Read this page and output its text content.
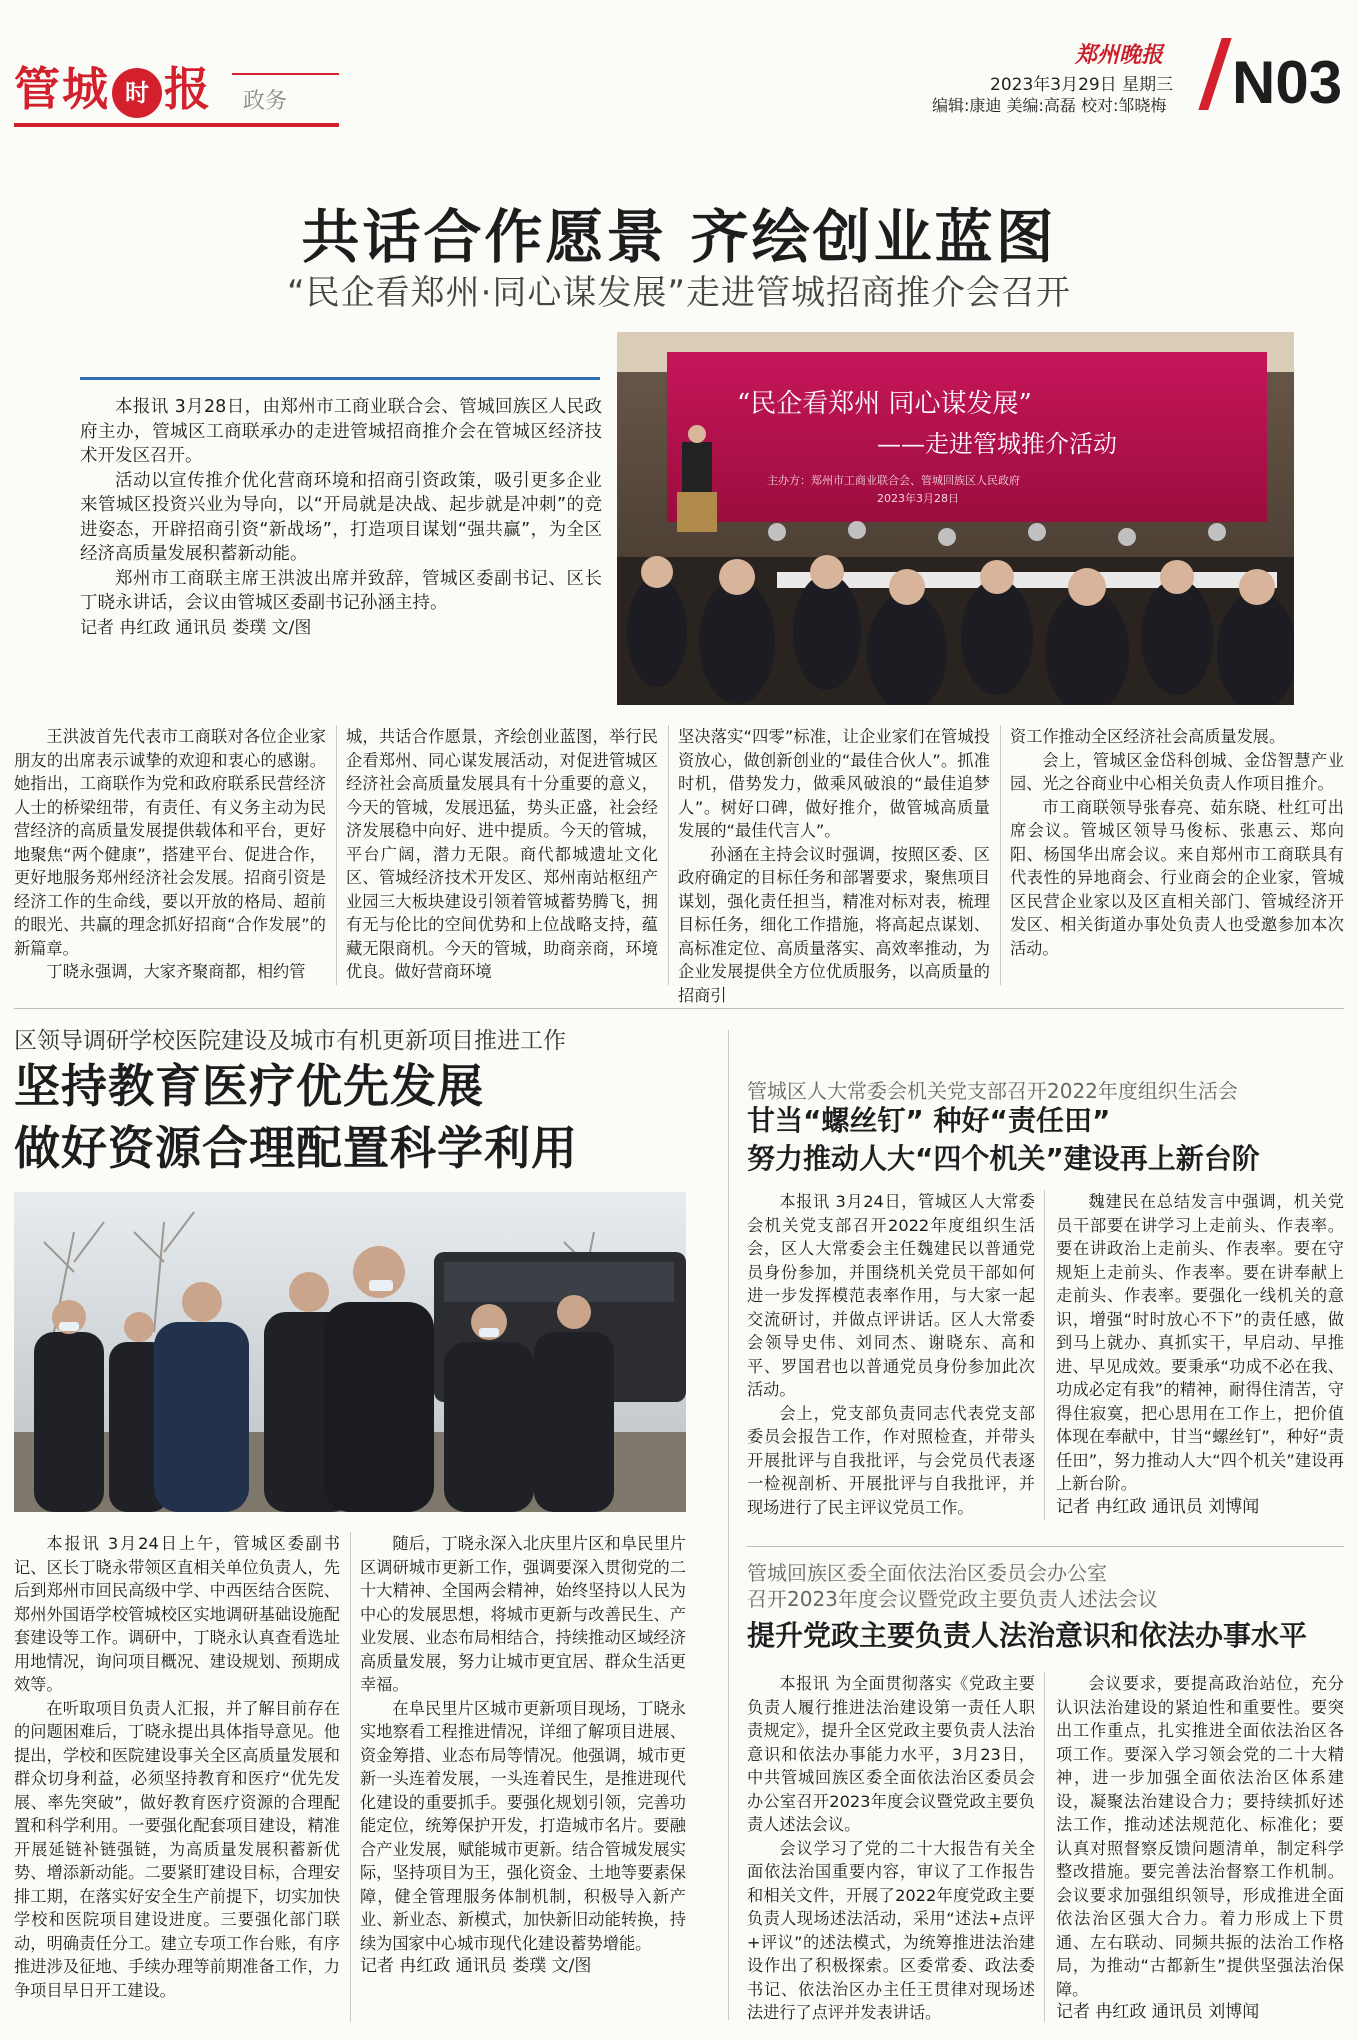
管城 时 报 政务
郑州晚报
2023年3月29日 星期三
编辑:康迪 美编:高磊 校对:邹晓梅 N03
共话合作愿景 齐绘创业蓝图
“民企看郑州·同心谋发展”走进管城招商推介会召开

本报讯 3月28日，由郑州市工商业联合会、管城回族区人民政府主办，管城区工商联承办的走进管城招商推介会在管城区经济技术开发区召开。

活动以宣传推介优化营商环境和招商引资政策，吸引更多企业来管城区投资兴业为导向，以“开局就是决战、起步就是冲刺”的竞进姿态，开辟招商引资“新战场”，打造项目谋划“强共赢”，为全区经济高质量发展积蓄新动能。

郑州市工商联主席王洪波出席并致辞，管城区委副书记、区长丁晓永讲话，会议由管城区委副书记孙涵主持。

记者 冉红政 通讯员 娄璞 文/图

“民企看郑州 同心谋发展”
——走进管城推介活动
主办方：郑州市工商业联合会、管城回族区人民政府
2023年3月28日

王洪波首先代表市工商联对各位企业家朋友的出席表示诚挚的欢迎和衷心的感谢。她指出，工商联作为党和政府联系民营经济人士的桥梁纽带，有责任、有义务主动为民营经济的高质量发展提供载体和平台，更好地聚焦“两个健康”，搭建平台、促进合作，更好地服务郑州经济社会发展。招商引资是经济工作的生命线，要以开放的格局、超前的眼光、共赢的理念抓好招商“合作发展”的新篇章。

丁晓永强调，大家齐聚商都，相约管

城，共话合作愿景，齐绘创业蓝图，举行民企看郑州、同心谋发展活动，对促进管城区经济社会高质量发展具有十分重要的意义，今天的管城，发展迅猛，势头正盛，社会经济发展稳中向好、进中提质。今天的管城，平台广阔，潜力无限。商代都城遗址文化区、管城经济技术开发区、郑州南站枢纽产业园三大板块建设引领着管城蓄势腾飞，拥有无与伦比的空间优势和上位战略支持，蕴藏无限商机。今天的管城，助商亲商，环境优良。做好营商环境

坚决落实“四零”标准，让企业家们在管城投资放心，做创新创业的“最佳合伙人”。抓准时机，借势发力，做乘风破浪的“最佳追梦人”。树好口碑，做好推介，做管城高质量发展的“最佳代言人”。

孙涵在主持会议时强调，按照区委、区政府确定的目标任务和部署要求，聚焦项目谋划，强化责任担当，精准对标对表，梳理目标任务，细化工作措施，将高起点谋划、高标准定位、高质量落实、高效率推动，为企业发展提供全方位优质服务，以高质量的招商引

资工作推动全区经济社会高质量发展。

会上，管城区金岱科创城、金岱智慧产业园、光之谷商业中心相关负责人作项目推介。

市工商联领导张春亮、茹东晓、杜红可出席会议。管城区领导马俊标、张惠云、郑向阳、杨国华出席会议。来自郑州市工商联具有代表性的异地商会、行业商会的企业家，管城区民营企业家以及区直相关部门、管城经济开发区、相关街道办事处负责人也受邀参加本次活动。

区领导调研学校医院建设及城市有机更新项目推进工作
坚持教育医疗优先发展
做好资源合理配置科学利用

本报讯 3月24日上午，管城区委副书记、区长丁晓永带领区直相关单位负责人，先后到郑州市回民高级中学、中西医结合医院、郑州外国语学校管城校区实地调研基础设施配套建设等工作。调研中，丁晓永认真查看选址用地情况，询问项目概况、建设规划、预期成效等。

在听取项目负责人汇报，并了解目前存在的问题困难后，丁晓永提出具体指导意见。他提出，学校和医院建设事关全区高质量发展和群众切身利益，必须坚持教育和医疗“优先发展、率先突破”，做好教育医疗资源的合理配置和科学利用。一要强化配套项目建设，精准开展延链补链强链，为高质量发展积蓄新优势、增添新动能。二要紧盯建设目标，合理安排工期，在落实好安全生产前提下，切实加快学校和医院项目建设进度。三要强化部门联动，明确责任分工。建立专项工作台账，有序推进涉及征地、手续办理等前期准备工作，力争项目早日开工建设。

随后，丁晓永深入北庆里片区和阜民里片区调研城市更新工作，强调要深入贯彻党的二十大精神、全国两会精神，始终坚持以人民为中心的发展思想，将城市更新与改善民生、产业发展、业态布局相结合，持续推动区域经济高质量发展，努力让城市更宜居、群众生活更幸福。

在阜民里片区城市更新项目现场，丁晓永实地察看工程推进情况，详细了解项目进展、资金筹措、业态布局等情况。他强调，城市更新一头连着发展，一头连着民生，是推进现代化建设的重要抓手。要强化规划引领，完善功能定位，统筹保护开发，打造城市名片。要融合产业发展，赋能城市更新。结合管城发展实际，坚持项目为王，强化资金、土地等要素保障，健全管理服务体制机制，积极导入新产业、新业态、新模式，加快新旧动能转换，持续为国家中心城市现代化建设蓄势增能。

记者 冉红政 通讯员 娄璞 文/图

管城区人大常委会机关党支部召开2022年度组织生活会
甘当“螺丝钉” 种好“责任田”
努力推动人大“四个机关”建设再上新台阶

本报讯 3月24日，管城区人大常委会机关党支部召开2022年度组织生活会，区人大常委会主任魏建民以普通党员身份参加，并围绕机关党员干部如何进一步发挥模范表率作用，与大家一起交流研讨，并做点评讲话。区人大常委会领导史伟、刘同杰、谢晓东、高和平、罗国君也以普通党员身份参加此次活动。

会上，党支部负责同志代表党支部委员会报告工作，作对照检查，并带头开展批评与自我批评，与会党员代表逐一检视剖析、开展批评与自我批评，并现场进行了民主评议党员工作。

魏建民在总结发言中强调，机关党员干部要在讲学习上走前头、作表率。要在讲政治上走前头、作表率。要在守规矩上走前头、作表率。要在讲奉献上走前头、作表率。要强化一线机关的意识，增强“时时放心不下”的责任感，做到马上就办、真抓实干，早启动、早推进、早见成效。要秉承“功成不必在我、功成必定有我”的精神，耐得住清苦，守得住寂寞，把心思用在工作上，把价值体现在奉献中，甘当“螺丝钉”，种好“责任田”，努力推动人大“四个机关”建设再上新台阶。

记者 冉红政 通讯员 刘博闻

管城回族区委全面依法治区委员会办公室
召开2023年度会议暨党政主要负责人述法会议
提升党政主要负责人法治意识和依法办事水平

本报讯 为全面贯彻落实《党政主要负责人履行推进法治建设第一责任人职责规定》，提升全区党政主要负责人法治意识和依法办事能力水平，3月23日，中共管城回族区委全面依法治区委员会办公室召开2023年度会议暨党政主要负责人述法会议。

会议学习了党的二十大报告有关全面依法治国重要内容，审议了工作报告和相关文件，开展了2022年度党政主要负责人现场述法活动，采用“述法+点评+评议”的述法模式，为统筹推进法治建设作出了积极探索。区委常委、政法委书记、依法治区办主任王贯律对现场述法进行了点评并发表讲话。

会议要求，要提高政治站位，充分认识法治建设的紧迫性和重要性。要突出工作重点，扎实推进全面依法治区各项工作。要深入学习领会党的二十大精神，进一步加强全面依法治区体系建设，凝聚法治建设合力；要持续抓好述法工作，推动述法规范化、标准化；要认真对照督察反馈问题清单，制定科学整改措施。要完善法治督察工作机制。会议要求加强组织领导，形成推进全面依法治区强大合力。着力形成上下贯通、左右联动、同频共振的法治工作格局，为推动“古都新生”提供坚强法治保障。

记者 冉红政 通讯员 刘博闻
